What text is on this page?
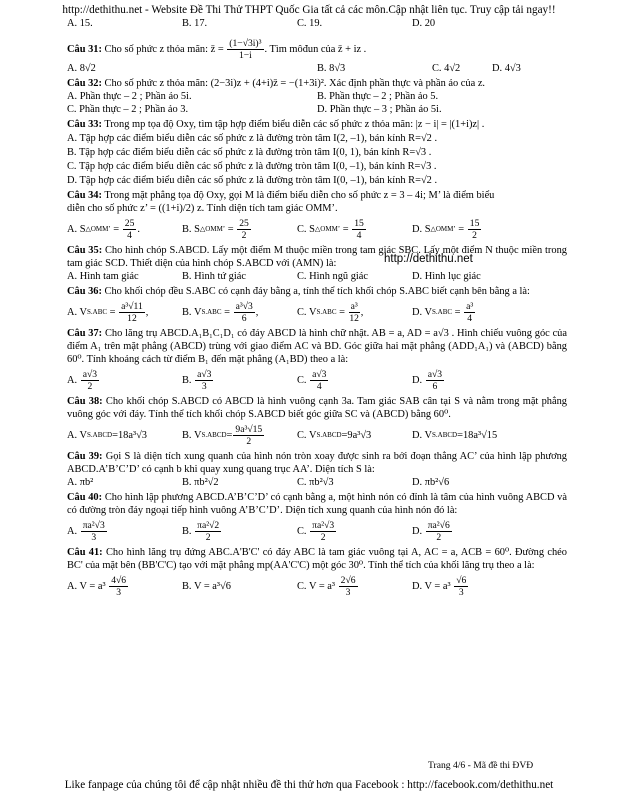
http://dethithu.net - Website Đề Thi Thử THPT Quốc Gia tất cả các môn.Cập nhật liên tục. Truy cập tải ngay!!
A. 15.	B. 17.	C. 19.	D. 20
Câu 31: Cho số phức z thỏa mãn: z̄ = $\frac{\text{(1−√3i)³}}{1-i}$ . Tìm môđun của z̄ + iz .
A. 8√2	B. 8√3	C. 4√2	D. 4√3
Câu 32: Cho số phức z thỏa mãn: (2−3i)z + (4+i)z̄ = −(1+3i)². Xác định phần thực và phần ảo của z.
A. Phần thực – 2 ; Phần ảo 5i.	B. Phần thực – 2 ; Phần ảo 5.
C. Phần thực – 2 ; Phần ảo 3.	D. Phần thực – 3 ; Phần ảo 5i.
Câu 33: Trong mp tọa độ Oxy, tìm tập hợp điểm biểu diễn các số phức z thỏa mãn: |z − i| = |(1+i)z| .
A. Tập hợp các điểm biểu diễn các số phức z là đường tròn tâm I(2, –1), bán kính R=√2 .
B. Tập hợp các điểm biểu diễn các số phức z là đường tròn tâm I(0, 1), bán kính R=√3 .
C. Tập hợp các điểm biểu diễn các số phức z là đường tròn tâm I(0, –1), bán kính R=√3 .
D. Tập hợp các điểm biểu diễn các số phức z là đường tròn tâm I(0, –1), bán kính R=√2 .
Câu 34: Trong mặt phẳng tọa độ Oxy, gọi M là điểm biểu diễn cho số phức z = 3 – 4i; M’ là điểm biểu
diễn cho số phức z’ = ((1+i)/2) z. Tính diện tích tam giác OMM’.
A. S △OMM’ = $\frac{25}{4}$ .	B. S △OMM’ = $\frac{25}{2}$	C. S △OMM’ = $\frac{15}{4}$	D. S △OMM’ = $\frac{15}{2}$
Câu 35: Cho hình chóp S.ABCD. Lấy một điểm M thuộc miền trong tam giác SBC. Lấy một điểm N thuộc miền trong tam giác SCD. Thiết diện của hình chóp S.ABCD với (AMN) là:
A. Hình tam giác	B. Hình tứ giác	C. Hình ngũ giác	D. Hình lục giác
Câu 36: Cho khối chóp đều S.ABC có cạnh đáy bằng a, tính thể tích khối chóp S.ABC biết cạnh bên bằng a là:
A. V $S.ABC = \frac{\text{a³√11}}{12}$ ,	B. V $S.ABC = \frac{\text{a³√3}}{6}$ ,	C. V $S.ABC = \frac{\text{a³}}{12}$ ,	D. V $S.ABC = \frac{\text{a³}}{4}$
Câu 37: Cho lăng trụ ABCD.A₁B₁C₁D₁ có đáy ABCD là hình chữ nhật. AB = a, AD = a√3 . Hình chiếu vuông góc của điểm A₁ trên mặt phẳng (ABCD) trùng với giao điểm AC và BD. Góc giữa hai mặt phẳng (ADD₁A₁) và (ABCD) bằng 60⁰. Tính khoảng cách từ điểm B₁ đến mặt phẳng (A₁BD) theo a là:
A. $\frac{a√3}{2}$	B. $\frac{a√3}{3}$	C. $\frac{a√3}{4}$	D. $\frac{a√3}{6}$
Câu 38: Cho khối chóp S.ABCD có ABCD là hình vuông cạnh 3a. Tam giác SAB cân tại S và nằm trong mặt phẳng vuông góc với đáy. Tính thể tích khối chóp S.ABCD biết góc giữa SC và (ABCD) bằng 60⁰.
A. V S.ABCD =18a³√3	B. V S.ABCD = $\frac{\text{9a³√15}}{2}$	C. V S.ABCD =9a³√3	D. V S.ABCD =18a³√15
Câu 39: Gọi S là diện tích xung quanh của hình nón tròn xoay được sinh ra bởi đoạn thẳng AC’ của hình lập phương ABCD.A’B’C’D’ có cạnh b khi quay xung quang trục AA’. Diện tích S là:
A. πb²	B. πb²√2	C. πb²√3	D. πb²√6
Câu 40: Cho hình lập phương ABCD.A’B’C’D’ có cạnh bằng a, một hình nón có đỉnh là tâm của hình vuông ABCD và có đường tròn đáy ngoại tiếp hình vuông A’B’C’D’. Diện tích xung quanh của hình nón đó là:
A. $\frac{\text{πa²√3}}{3}$	B. $\frac{\text{πa²√2}}{2}$	C. $\frac{\text{πa²√3}}{2}$	D. $\frac{\text{πa²√6}}{2}$
Câu 41: Cho hình lăng trụ đứng ABC.A'B'C' có đáy ABC là tam giác vuông tại A, AC = a, ACB = 60⁰. Đường chéo BC' của mặt bên (BB'C'C) tạo với mặt phẳng mp(AA'C'C) một góc 30⁰. Tính thể tích của khối lăng trụ theo a là:
A. $V = a^3 \frac{4√6}{3}$	B. V = a³√6	C. $V = a^3 \frac{2√6}{3}$	D. $V = a^3 \frac{√6}{3}$
http://dethithu.net
Trang 4/6 - Mã đề thi ĐVĐ
Like fanpage của chúng tôi để cập nhật nhiều đề thi thử hơn qua Facebook : http://facebook.com/dethithu.net
